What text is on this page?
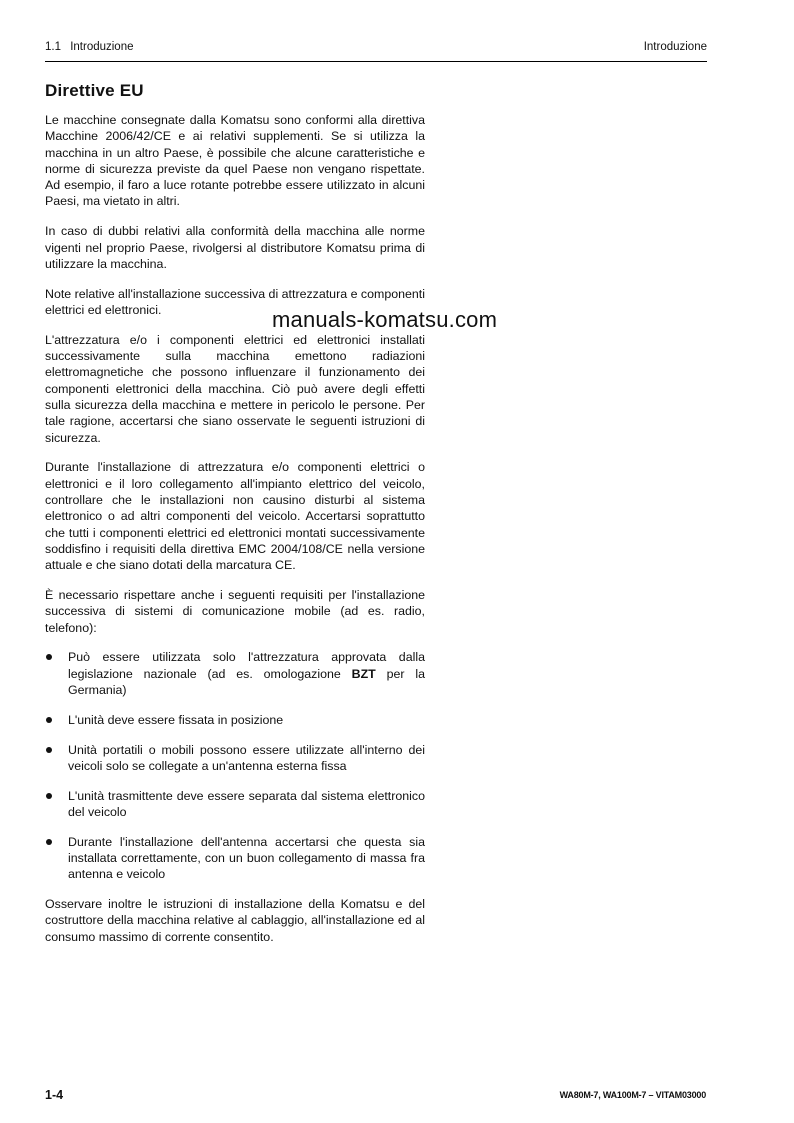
1.1 Introduzione	Introduzione
Direttive EU

Le macchine consegnate dalla Komatsu sono conformi alla direttiva Macchine 2006/42/CE e ai relativi supplementi. Se si utilizza la macchina in un altro Paese, è possibile che alcune caratteristiche e norme di sicurezza previste da quel Paese non vengano rispettate. Ad esempio, il faro a luce rotante potrebbe essere utilizzato in alcuni Paesi, ma vietato in altri.

In caso di dubbi relativi alla conformità della macchina alle norme vigenti nel proprio Paese, rivolgersi al distributore Komatsu prima di utilizzare la macchina.

Note relative all'installazione successiva di attrezzatura e componenti elettrici ed elettronici.

L'attrezzatura e/o i componenti elettrici ed elettronici installati successivamente sulla macchina emettono radiazioni elettromagnetiche che possono influenzare il funzionamento dei componenti elettronici della macchina. Ciò può avere degli effetti sulla sicurezza della macchina e mettere in pericolo le persone. Per tale ragione, accertarsi che siano osservate le seguenti istruzioni di sicurezza.

Durante l'installazione di attrezzatura e/o componenti elettrici o elettronici e il loro collegamento all'impianto elettrico del veicolo, controllare che le installazioni non causino disturbi al sistema elettronico o ad altri componenti del veicolo. Accertarsi soprattutto che tutti i componenti elettrici ed elettronici montati successivamente soddisfino i requisiti della direttiva EMC 2004/108/CE nella versione attuale e che siano dotati della marcatura CE.

È necessario rispettare anche i seguenti requisiti per l'installazione successiva di sistemi di comunicazione mobile (ad es. radio, telefono):

Può essere utilizzata solo l'attrezzatura approvata dalla legislazione nazionale (ad es. omologazione BZT per la Germania)
L'unità deve essere fissata in posizione
Unità portatili o mobili possono essere utilizzate all'interno dei veicoli solo se collegate a un'antenna esterna fissa
L'unità trasmittente deve essere separata dal sistema elettronico del veicolo
Durante l'installazione dell'antenna accertarsi che questa sia installata correttamente, con un buon collegamento di massa fra antenna e veicolo

Osservare inoltre le istruzioni di installazione della Komatsu e del costruttore della macchina relative al cablaggio, all'installazione ed al consumo massimo di corrente consentito.

manuals-komatsu.com
1-4	WA80M-7, WA100M-7 – VITAM03000
